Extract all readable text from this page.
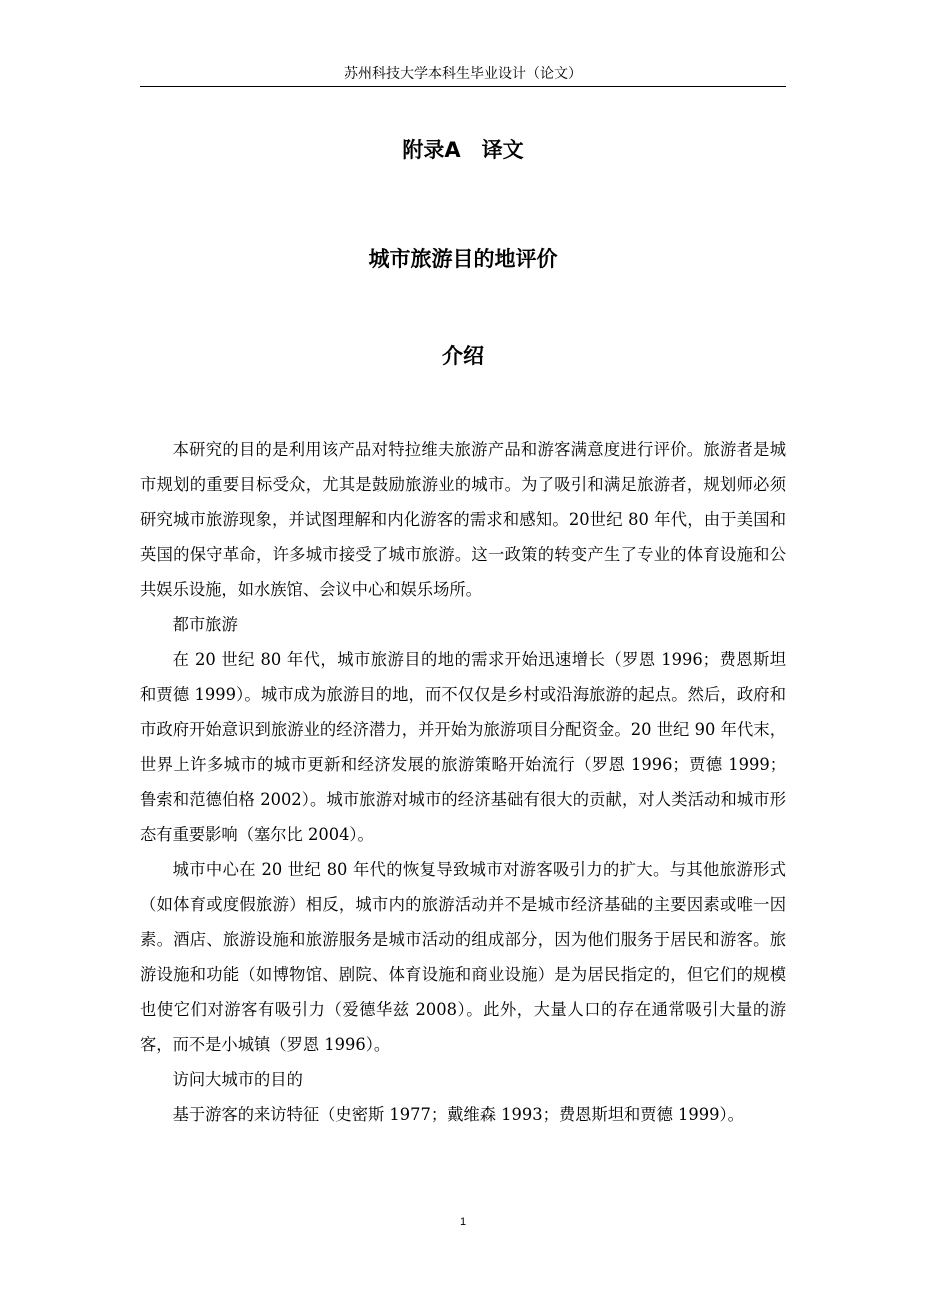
苏州科技大学本科生毕业设计（论文）
附录A　译文
城市旅游目的地评价
介绍

本研究的目的是利用该产品对特拉维夫旅游产品和游客满意度进行评价。旅游者是城市规划的重要目标受众，尤其是鼓励旅游业的城市。为了吸引和满足旅游者，规划师必须研究城市旅游现象，并试图理解和内化游客的需求和感知。20世纪 80 年代，由于美国和英国的保守革命，许多城市接受了城市旅游。这一政策的转变产生了专业的体育设施和公共娱乐设施，如水族馆、会议中心和娱乐场所。

都市旅游

在 20 世纪 80 年代，城市旅游目的地的需求开始迅速增长（罗恩 1996；费恩斯坦和贾德 1999）。城市成为旅游目的地，而不仅仅是乡村或沿海旅游的起点。然后，政府和市政府开始意识到旅游业的经济潜力，并开始为旅游项目分配资金。20 世纪 90 年代末，世界上许多城市的城市更新和经济发展的旅游策略开始流行（罗恩 1996；贾德 1999；鲁索和范德伯格 2002）。城市旅游对城市的经济基础有很大的贡献，对人类活动和城市形态有重要影响（塞尔比 2004）。

城市中心在 20 世纪 80 年代的恢复导致城市对游客吸引力的扩大。与其他旅游形式（如体育或度假旅游）相反，城市内的旅游活动并不是城市经济基础的主要因素或唯一因素。酒店、旅游设施和旅游服务是城市活动的组成部分，因为他们服务于居民和游客。旅游设施和功能（如博物馆、剧院、体育设施和商业设施）是为居民指定的，但它们的规模也使它们对游客有吸引力（爱德华兹 2008）。此外，大量人口的存在通常吸引大量的游客，而不是小城镇（罗恩 1996）。

访问大城市的目的

基于游客的来访特征（史密斯 1977；戴维森 1993；费恩斯坦和贾德 1999）。

1
